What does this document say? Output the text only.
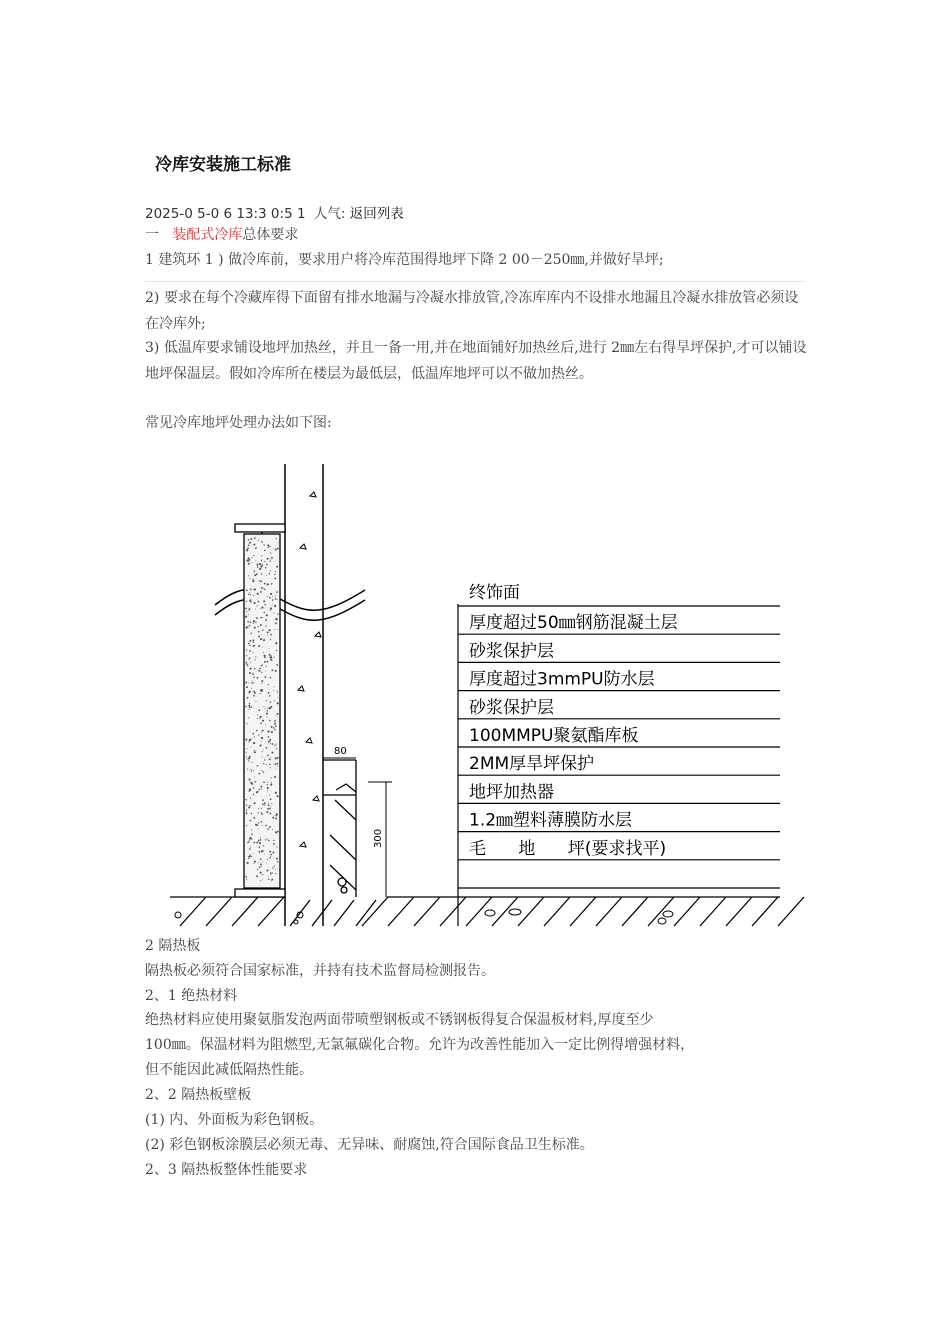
冷库安装施工标准
2025-0 5-0 6 13:3 0:5 1 人气: 返回列表
一   装配式冷库总体要求
1 建筑环 1 ) 做冷库前，要求用户将冷库范围得地坪下降 2 00－250㎜,并做好旱坪;
2) 要求在每个冷藏库得下面留有排水地漏与冷凝水排放管,冷冻库库内不设排水地漏且冷凝水排放管必须设在冷库外;
3) 低温库要求铺设地坪加热丝，并且一备一用,并在地面铺好加热丝后,进行 2㎜左右得旱坪保护,才可以铺设地坪保温层。假如冷库所在楼层为最低层，低温库地坪可以不做加热丝。
常见冷库地坪处理办法如下图:
80
300
终饰面
厚度超过50㎜钢筋混凝土层
砂浆保护层
厚度超过3mmPU防水层
砂浆保护层
100MMPU聚氨酯库板
2MM厚旱坪保护
地坪加热器
1.2㎜塑料薄膜防水层
毛      地      坪(要求找平)
2 隔热板
隔热板必须符合国家标准，并持有技术监督局检测报告。
2、1 绝热材料
绝热材料应使用聚氨脂发泡两面带喷塑钢板或不锈钢板得复合保温板材料,厚度至少
100㎜。保温材料为阻燃型,无氯氟碳化合物。允许为改善性能加入一定比例得增强材料，
但不能因此减低隔热性能。
2、2 隔热板壁板
(1) 内、外面板为彩色钢板。
(2) 彩色钢板涂膜层必须无毒、无异味、耐腐蚀,符合国际食品卫生标准。
2、3 隔热板整体性能要求
